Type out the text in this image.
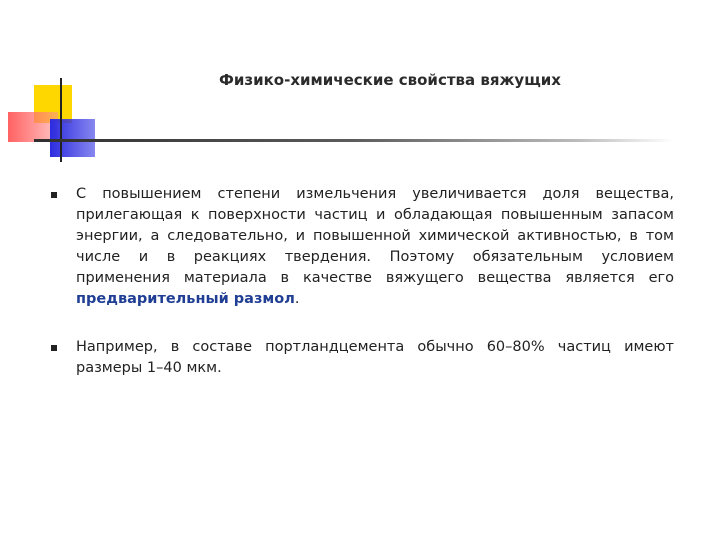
Физико-химические свойства вяжущих
С повышением степени измельчения увеличивается доля вещества, прилегающая к поверхности частиц и обладающая повышенным запасом энергии, а следовательно, и повышенной химической активностью, в том числе и в реакциях твердения. Поэтому обязательным условием применения материала в качестве вяжущего вещества является его предварительный размол.
Например, в составе портландцемента обычно 60–80% частиц имеют размеры 1–40 мкм.
